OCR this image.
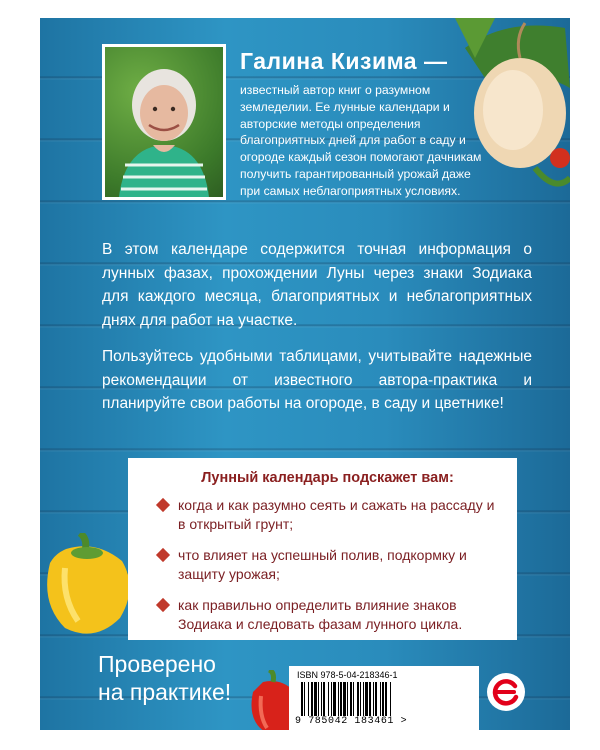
Галина Кизима —
известный автор книг о разумном земледелии. Ее лунные календари и авторские методы определения благоприятных дней для работ в саду и огороде каждый сезон помогают дачникам получить гарантированный урожай даже при самых неблагоприятных условиях.
В этом календаре содержится точная информация о лунных фазах, прохождении Луны через знаки Зодиака для каждого месяца, благоприятных и неблагоприятных днях для работ на участке.
Пользуйтесь удобными таблицами, учитывайте надежные рекомендации от известного автора-практика и планируйте свои работы на огороде, в саду и цветнике!
Лунный календарь подскажет вам:
когда и как разумно сеять и сажать на рассаду и в открытый грунт;
что влияет на успешный полив, подкормку и защиту урожая;
как правильно определить влияние знаков Зодиака и следовать фазам лунного цикла.
Проверено
на практике!
ISBN 978-5-04-218346-1
9 785042 183461 >
